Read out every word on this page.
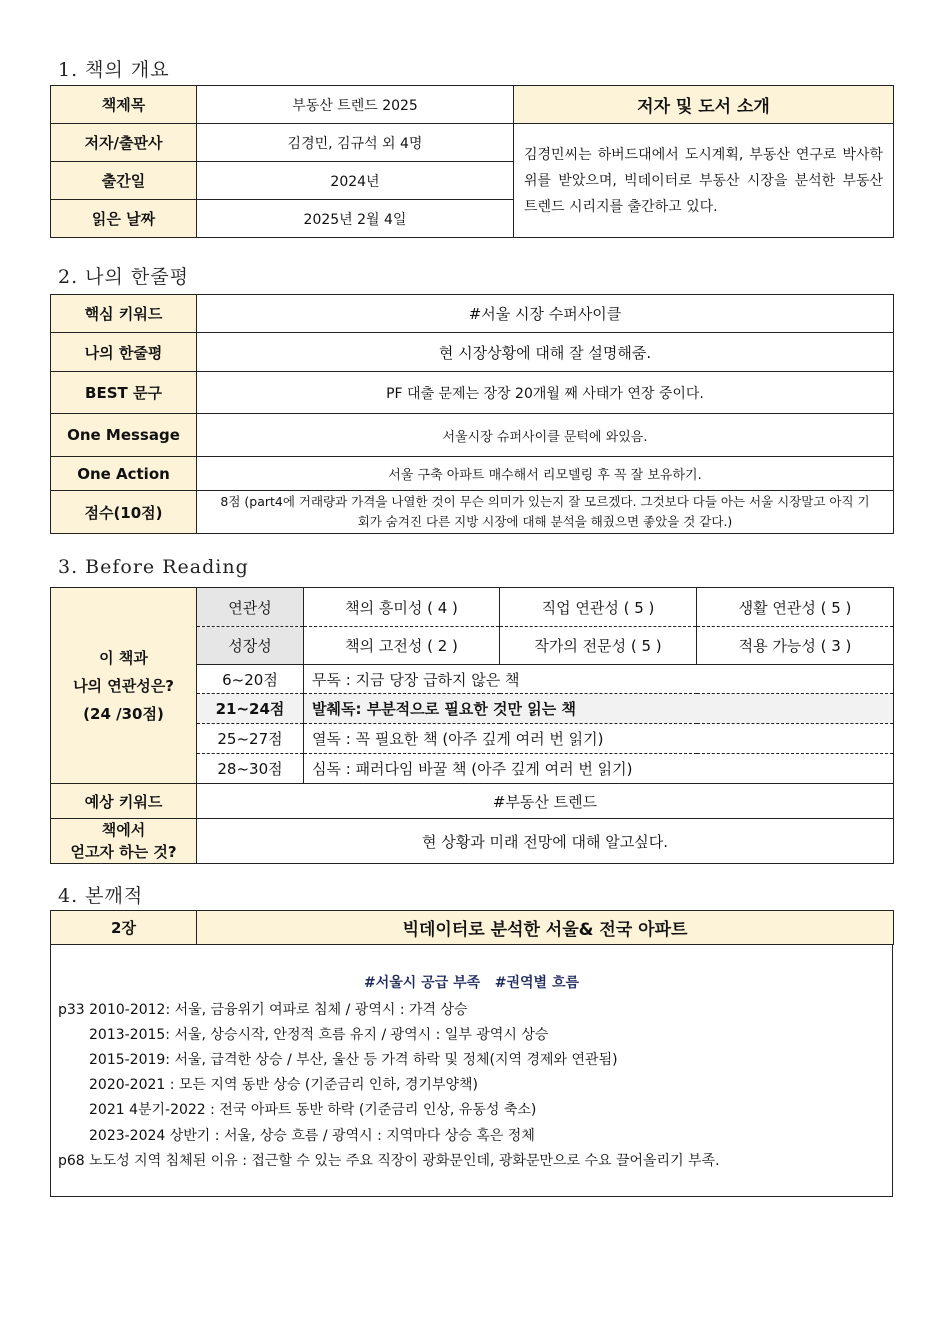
1. 책의 개요
책제목	부동산 트렌드 2025	저자 및 도서 소개
저자/출판사	김경민, 김규석 외 4명	김경민씨는 하버드대에서 도시계획, 부동산 연구로 박사학위를 받았으며, 빅데이터로 부동산 시장을 분석한 부동산 트렌드 시리지를 출간하고 있다.
출간일	2024년	
읽은 날짜	2025년 2월 4일	
2. 나의 한줄평
핵심 키워드	#서울 시장 수퍼사이클
나의 한줄평	현 시장상황에 대해 잘 설명해줌.
BEST 문구	PF 대출 문제는 장장 20개월 째 사태가 연장 중이다.
One Message	서울시장 슈퍼사이클 문턱에 와있음.
One Action	서울 구축 아파트 매수해서 리모델링 후 꼭 잘 보유하기.
점수(10점)	8점 (part4에 거래량과 가격을 나열한 것이 무슨 의미가 있는지 잘 모르겠다. 그것보다 다들 아는 서울 시장말고 아직 기회가 숨겨진 다른 지방 시장에 대해 분석을 해줬으면 좋았을 것 같다.)
3. Before Reading
이 책과
나의 연관성은?
(24 /30점)	연관성	책의 흥미성 ( 4 )	직업 연관성 ( 5 )	생활 연관성 ( 5 )
	성장성	책의 고전성 ( 2 )	작가의 전문성 ( 5 )	적용 가능성 ( 3 )
	6~20점	무독 : 지금 당장 급하지 않은 책		
	21~24점	발췌독: 부분적으로 필요한 것만 읽는 책		
	25~27점	열독 : 꼭 필요한 책 (아주 깊게 여러 번 읽기)		
	28~30점	심독 : 패러다임 바꿀 책 (아주 깊게 여러 번 읽기)		
예상 키워드	#부동산 트렌드			

책에서
얻고자 하는 것?	현 상황과 미래 전망에 대해 알고싶다.			
4. 본깨적
2장	빅데이터로 분석한 서울& 전국 아파트
#서울시 공급 부족   #권역별 흐름
p33 2010-2012: 서울, 금융위기 여파로 침체 / 광역시 : 가격 상승
2013-2015: 서울, 상승시작, 안정적 흐름 유지 / 광역시 : 일부 광역시 상승
2015-2019: 서울, 급격한 상승 / 부산, 울산 등 가격 하락 및 정체(지역 경제와 연관됨)
2020-2021 : 모든 지역 동반 상승 (기준금리 인하, 경기부양책)
2021 4분기-2022 : 전국 아파트 동반 하락 (기준금리 인상, 유동성 축소)
2023-2024 상반기 : 서울, 상승 흐름 / 광역시 : 지역마다 상승 혹은 정체
p68 노도성 지역 침체된 이유 : 접근할 수 있는 주요 직장이 광화문인데, 광화문만으로 수요 끌어올리기 부족.
